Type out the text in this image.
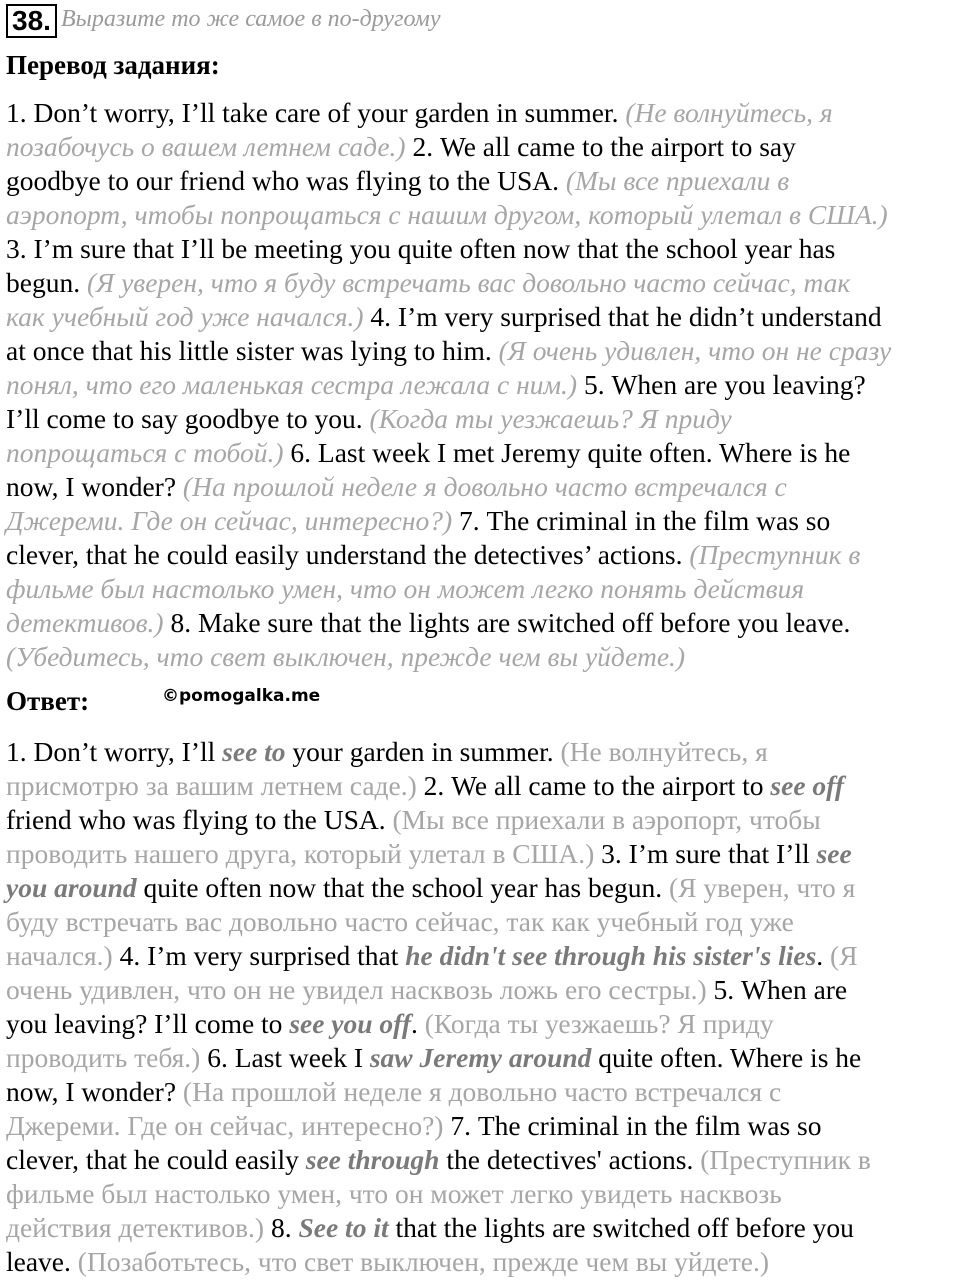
38. Выразите то же самое в по-другому
Перевод задания:
1. Don’t worry, I’ll take care of your garden in summer. (Не волнуйтесь, я
позабочусь о вашем летнем саде.) 2. We all came to the airport to say
goodbye to our friend who was flying to the USA. (Мы все приехали в
аэропорт, чтобы попрощаться с нашим другом, который улетал в США.)
3. I’m sure that I’ll be meeting you quite often now that the school year has
begun. (Я уверен, что я буду встречать вас довольно часто сейчас, так
как учебный год уже начался.) 4. I’m very surprised that he didn’t understand
at once that his little sister was lying to him. (Я очень удивлен, что он не сразу
понял, что его маленькая сестра лежала с ним.) 5. When are you leaving?
I’ll come to say goodbye to you. (Когда ты уезжаешь? Я приду
попрощаться с тобой.) 6. Last week I met Jeremy quite often. Where is he
now, I wonder? (На прошлой неделе я довольно часто встречался с
Джереми. Где он сейчас, интересно?) 7. The criminal in the film was so
clever, that he could easily understand the detectives’ actions. (Преступник в
фильме был настолько умен, что он может легко понять действия
детективов.) 8. Make sure that the lights are switched off before you leave.
(Убедитесь, что свет выключен, прежде чем вы уйдете.)
Ответ:	©pomogalka.me
1. Don’t worry, I’ll see to your garden in summer. (Не волнуйтесь, я
присмотрю за вашим летнем саде.) 2. We all came to the airport to see off
friend who was flying to the USA. (Мы все приехали в аэропорт, чтобы
проводить нашего друга, который улетал в США.) 3. I’m sure that I’ll see
you around quite often now that the school year has begun. (Я уверен, что я
буду встречать вас довольно часто сейчас, так как учебный год уже
начался.) 4. I’m very surprised that he didn't see through his sister's lies. (Я
очень удивлен, что он не увидел насквозь ложь его сестры.) 5. When are
you leaving? I’ll come to see you off. (Когда ты уезжаешь? Я приду
проводить тебя.) 6. Last week I saw Jeremy around quite often. Where is he
now, I wonder? (На прошлой неделе я довольно часто встречался с
Джереми. Где он сейчас, интересно?) 7. The criminal in the film was so
clever, that he could easily see through the detectives' actions. (Преступник в
фильме был настолько умен, что он может легко увидеть насквозь
действия детективов.) 8. See to it that the lights are switched off before you
leave. (Позаботьтесь, что свет выключен, прежде чем вы уйдете.)
